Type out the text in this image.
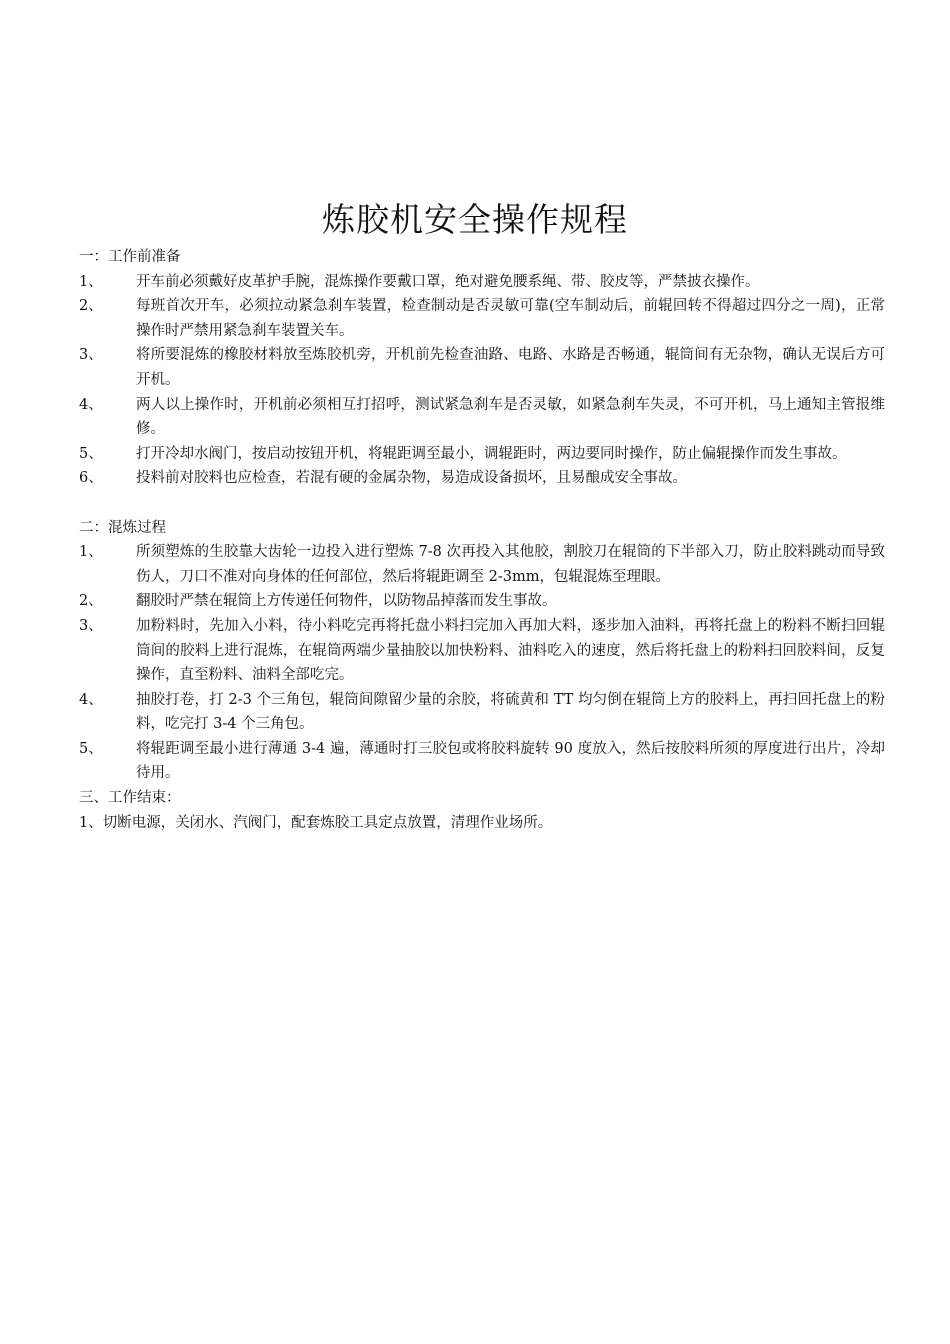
炼胶机安全操作规程

一：工作前准备

1、	开车前必须戴好皮革护手腕，混炼操作要戴口罩，绝对避免腰系绳、带、胶皮等，严禁披衣操作。
2、	每班首次开车，必须拉动紧急刹车装置，检查制动是否灵敏可靠(空车制动后，前辊回转不得超过四分之一周)，正常操作时严禁用紧急刹车装置关车。
3、	将所要混炼的橡胶材料放至炼胶机旁，开机前先检查油路、电路、水路是否畅通，辊筒间有无杂物，确认无误后方可开机。
4、	两人以上操作时，开机前必须相互打招呼，测试紧急刹车是否灵敏，如紧急刹车失灵，不可开机，马上通知主管报维修。
5、	打开冷却水阀门，按启动按钮开机，将辊距调至最小，调辊距时，两边要同时操作，防止偏辊操作而发生事故。
6、	投料前对胶料也应检查，若混有硬的金属杂物，易造成设备损坏，且易酿成安全事故。

二：混炼过程

1、	所须塑炼的生胶靠大齿轮一边投入进行塑炼 7-8 次再投入其他胶，割胶刀在辊筒的下半部入刀，防止胶料跳动而导致伤人，刀口不准对向身体的任何部位，然后将辊距调至 2-3mm，包辊混炼至理眼。
2、	翻胶时严禁在辊筒上方传递任何物件，以防物品掉落而发生事故。
3、	加粉料时，先加入小料，待小料吃完再将托盘小料扫完加入再加大料，逐步加入油料，再将托盘上的粉料不断扫回辊筒间的胶料上进行混炼，在辊筒两端少量抽胶以加快粉料、油料吃入的速度，然后将托盘上的粉料扫回胶料间，反复操作，直至粉料、油料全部吃完。
4、	抽胶打卷，打 2-3 个三角包，辊筒间隙留少量的余胶，将硫黄和 TT 均匀倒在辊筒上方的胶料上，再扫回托盘上的粉料，吃完打 3-4 个三角包。
5、	将辊距调至最小进行薄通 3-4 遍，薄通时打三胶包或将胶料旋转 90 度放入，然后按胶料所须的厚度进行出片，冷却待用。

三、工作结束：

1、切断电源，关闭水、汽阀门，配套炼胶工具定点放置，清理作业场所。
